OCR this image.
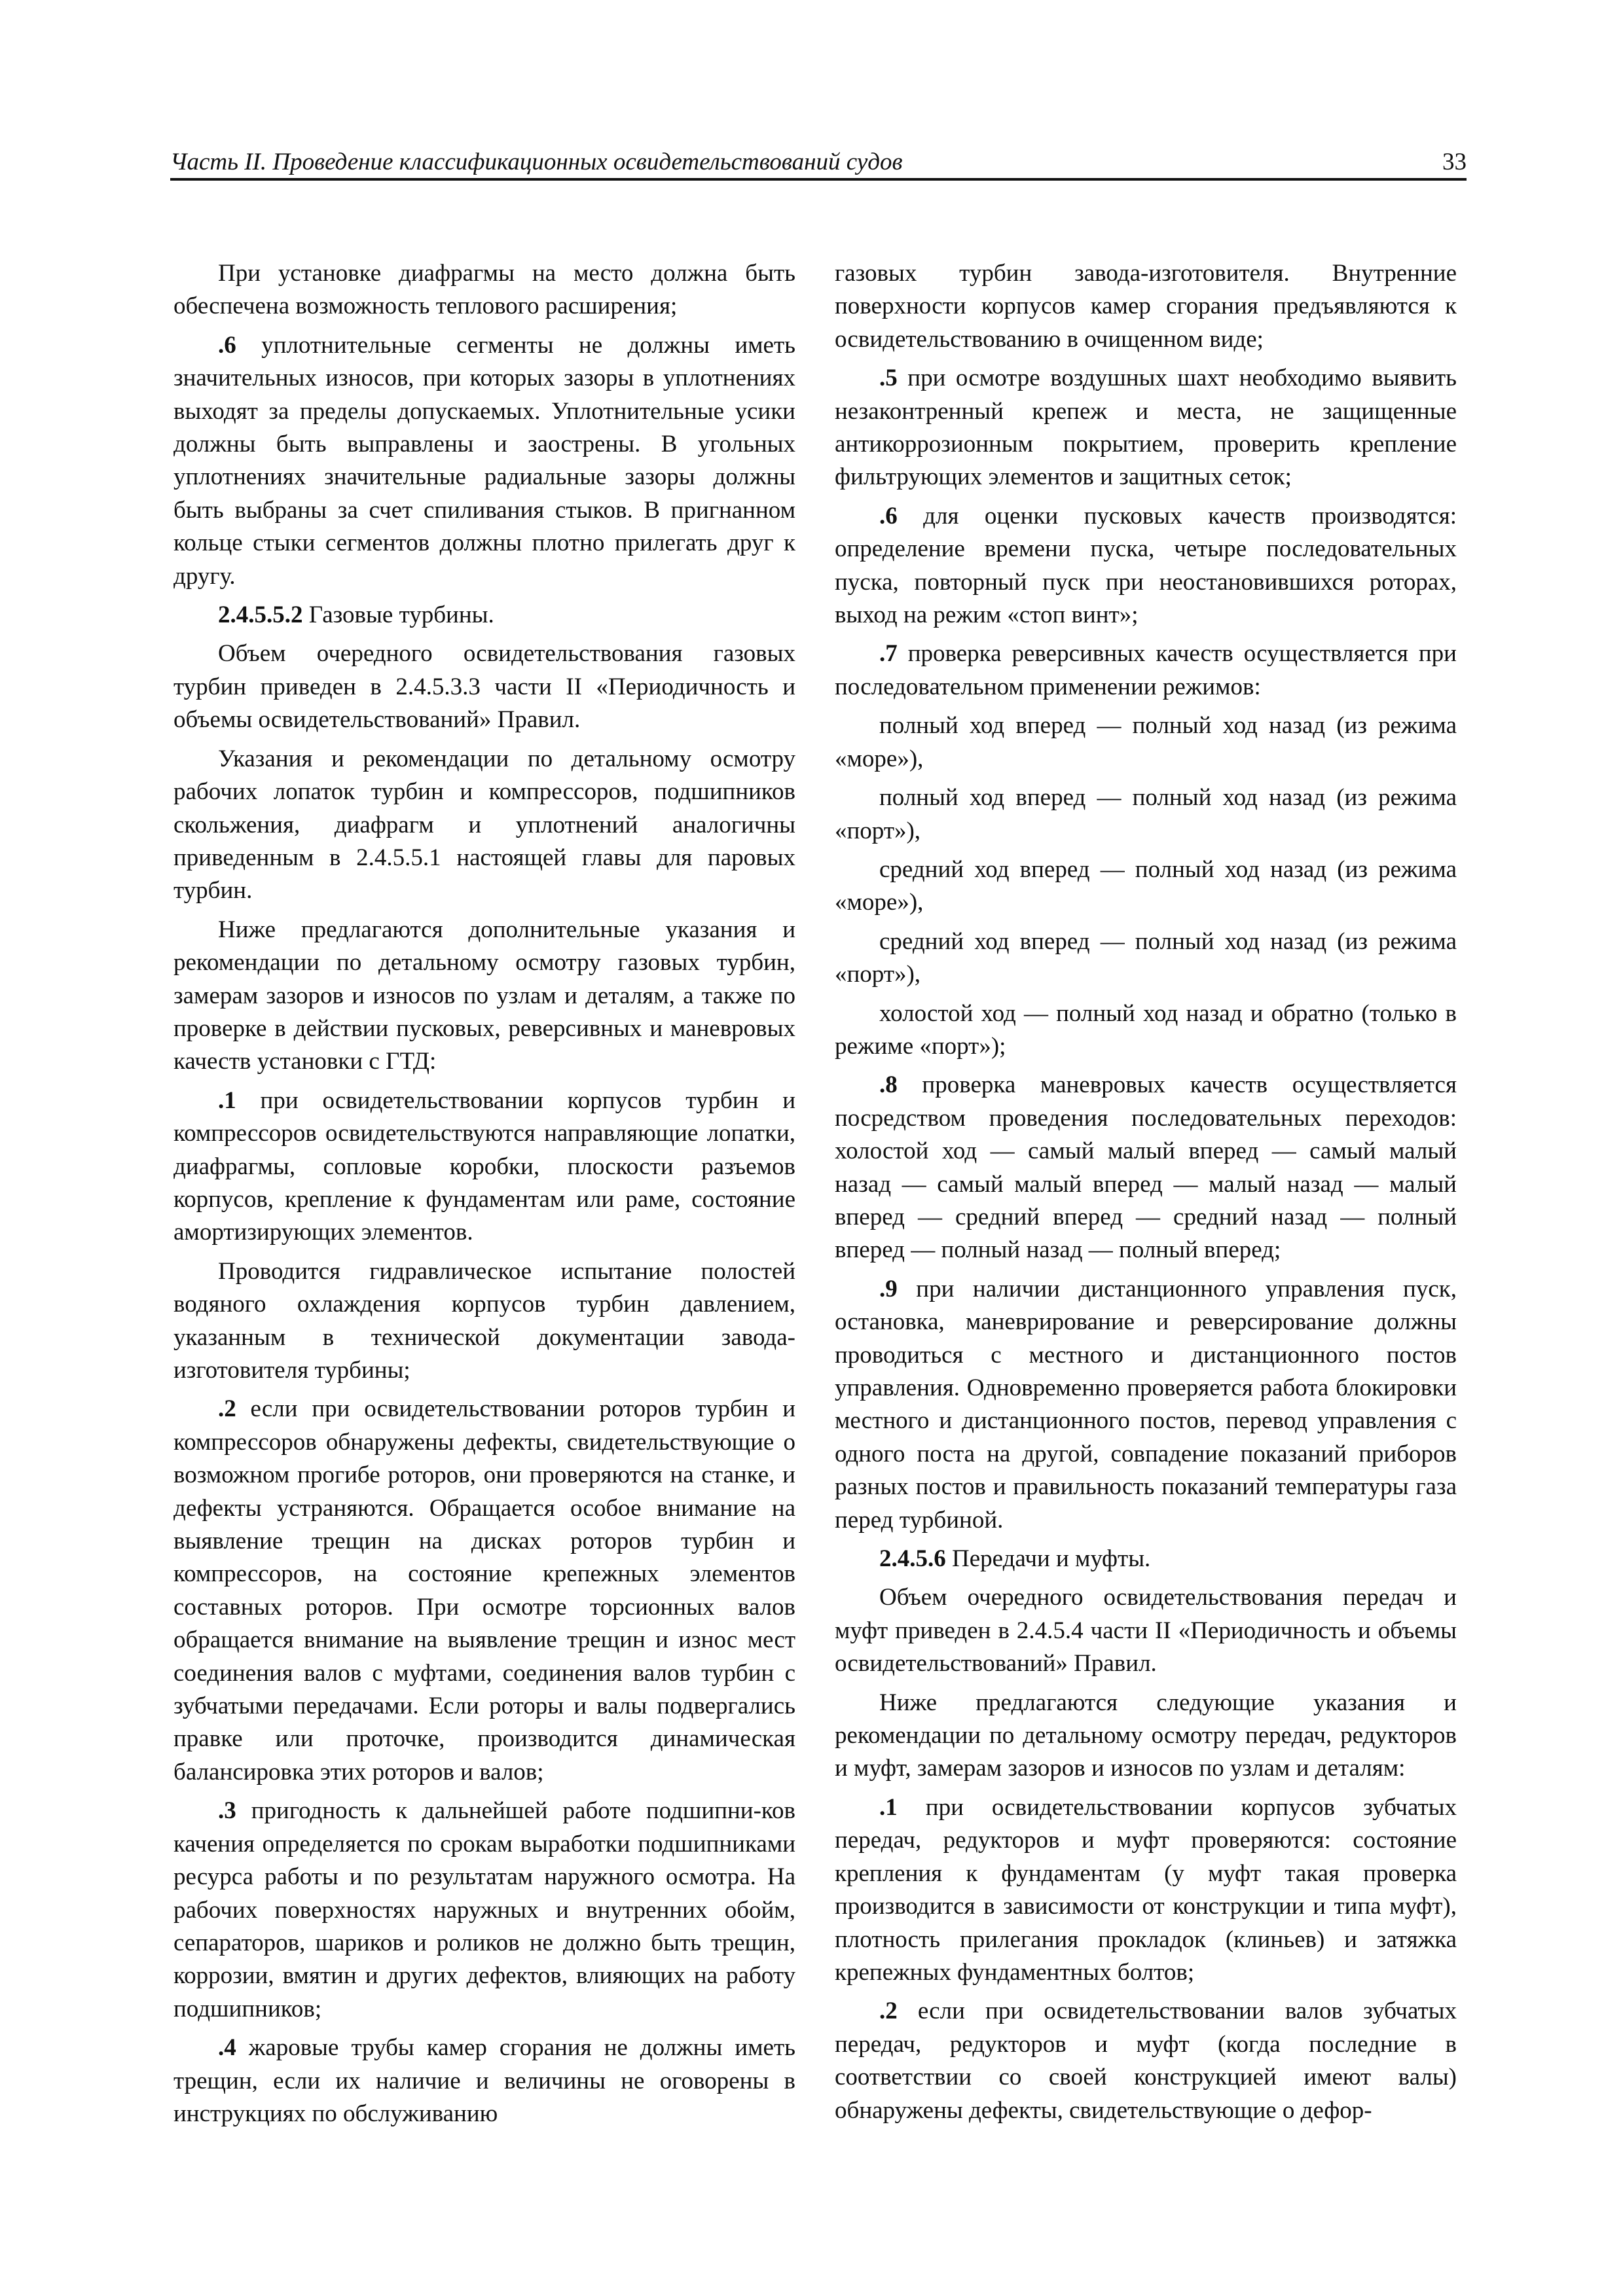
Часть II. Проведение классификационных освидетельствований судов	33

При установке диафрагмы на место должна быть обеспечена возможность теплового расширения;

.6 уплотнительные сегменты не должны иметь значительных износов, при которых зазоры в уплотнениях выходят за пределы допускаемых. Уплотнительные усики должны быть выправлены и заострены. В угольных уплотнениях значительные радиальные зазоры должны быть выбраны за счет спиливания стыков. В пригнанном кольце стыки сегментов должны плотно прилегать друг к другу.

2.4.5.5.2 Газовые турбины.

Объем очередного освидетельствования газовых турбин приведен в 2.4.5.3.3 части II «Периодичность и объемы освидетельствований» Правил.

Указания и рекомендации по детальному осмотру рабочих лопаток турбин и компрессоров, подшипников скольжения, диафрагм и уплотнений аналогичны приведенным в 2.4.5.5.1 настоящей главы для паровых турбин.

Ниже предлагаются дополнительные указания и рекомендации по детальному осмотру газовых турбин, замерам зазоров и износов по узлам и деталям, а также по проверке в действии пусковых, реверсивных и маневровых качеств установки с ГТД:

.1 при освидетельствовании корпусов турбин и компрессоров освидетельствуются направляющие лопатки, диафрагмы, сопловые коробки, плоскости разъемов корпусов, крепление к фундаментам или раме, состояние амортизирующих элементов.

Проводится гидравлическое испытание полостей водяного охлаждения корпусов турбин давлением, указанным в технической документации завода-изготовителя турбины;

.2 если при освидетельствовании роторов турбин и компрессоров обнаружены дефекты, свидетельствующие о возможном прогибе роторов, они проверяются на станке, и дефекты устраняются. Обращается особое внимание на выявление трещин на дисках роторов турбин и компрессоров, на состояние крепежных элементов составных роторов. При осмотре торсионных валов обращается внимание на выявление трещин и износ мест соединения валов с муфтами, соединения валов турбин с зубчатыми передачами. Если роторы и валы подвергались правке или проточке, производится динамическая балансировка этих роторов и валов;

.3 пригодность к дальнейшей работе подшипни-ков качения определяется по срокам выработки подшипниками ресурса работы и по результатам наружного осмотра. На рабочих поверхностях наружных и внутренних обойм, сепараторов, шариков и роликов не должно быть трещин, коррозии, вмятин и других дефектов, влияющих на работу подшипников;

.4 жаровые трубы камер сгорания не должны иметь трещин, если их наличие и величины не оговорены в инструкциях по обслуживанию

газовых турбин завода-изготовителя. Внутренние поверхности корпусов камер сгорания предъявляются к освидетельствованию в очищенном виде;

.5 при осмотре воздушных шахт необходимо выявить незаконтренный крепеж и места, не защищенные антикоррозионным покрытием, проверить крепление фильтрующих элементов и защитных сеток;

.6 для оценки пусковых качеств производятся: определение времени пуска, четыре последовательных пуска, повторный пуск при неостановившихся роторах, выход на режим «стоп винт»;

.7 проверка реверсивных качеств осуществляется при последовательном применении режимов:

полный ход вперед — полный ход назад (из режима «море»),

полный ход вперед — полный ход назад (из режима «порт»),

средний ход вперед — полный ход назад (из режима «море»),

средний ход вперед — полный ход назад (из режима «порт»),

холостой ход — полный ход назад и обратно (только в режиме «порт»);

.8 проверка маневровых качеств осуществляется посредством проведения последовательных переходов: холостой ход — самый малый вперед — самый малый назад — самый малый вперед — малый назад — малый вперед — средний вперед — средний назад — полный вперед — полный назад — полный вперед;

.9 при наличии дистанционного управления пуск, остановка, маневрирование и реверсирование должны проводиться с местного и дистанционного постов управления. Одновременно проверяется работа блокировки местного и дистанционного постов, перевод управления с одного поста на другой, совпадение показаний приборов разных постов и правильность показаний температуры газа перед турбиной.

2.4.5.6 Передачи и муфты.

Объем очередного освидетельствования передач и муфт приведен в 2.4.5.4 части II «Периодичность и объемы освидетельствований» Правил.

Ниже предлагаются следующие указания и рекомендации по детальному осмотру передач, редукторов и муфт, замерам зазоров и износов по узлам и деталям:

.1 при освидетельствовании корпусов зубчатых передач, редукторов и муфт проверяются: состояние крепления к фундаментам (у муфт такая проверка производится в зависимости от конструкции и типа муфт), плотность прилегания прокладок (клиньев) и затяжка крепежных фундаментных болтов;

.2 если при освидетельствовании валов зубчатых передач, редукторов и муфт (когда последние в соответствии со своей конструкцией имеют валы) обнаружены дефекты, свидетельствующие о дефор-
